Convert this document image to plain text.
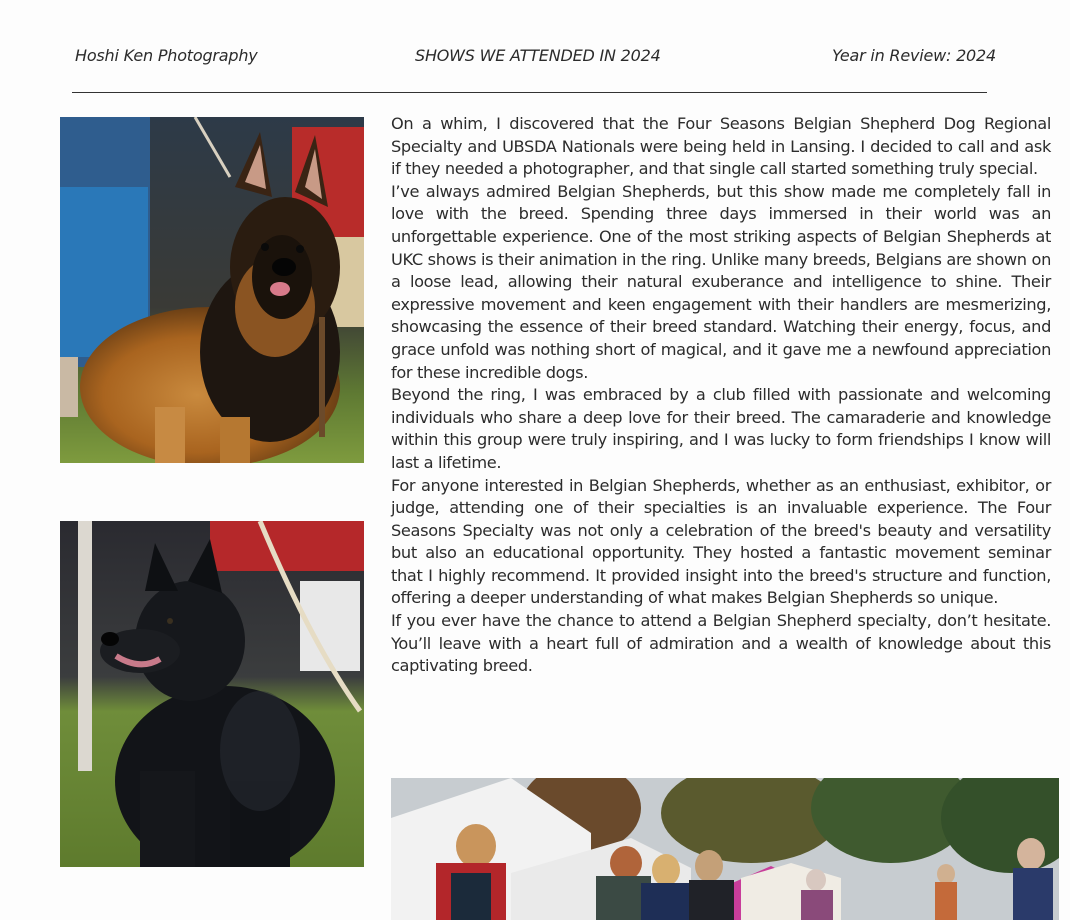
Hoshi Ken Photography	SHOWS WE ATTENDED IN 2024	Year in Review: 2024

On a whim, I discovered that the Four Seasons Belgian Shepherd Dog Regional Specialty and UBSDA Nationals were being held in Lansing. I decided to call and ask if they needed a photographer, and that single call started something truly special.

I’ve always admired Belgian Shepherds, but this show made me completely fall in love with the breed. Spending three days immersed in their world was an unforgettable experience. One of the most striking aspects of Belgian Shepherds at UKC shows is their animation in the ring. Unlike many breeds, Belgians are shown on a loose lead, allowing their natural exuberance and intelligence to shine. Their expressive movement and keen engagement with their handlers are mesmerizing, showcasing the essence of their breed standard. Watching their energy, focus, and grace unfold was nothing short of magical, and it gave me a newfound appreciation for these incredible dogs.

Beyond the ring, I was embraced by a club filled with passionate and welcoming individuals who share a deep love for their breed. The camaraderie and knowledge within this group were truly inspiring, and I was lucky to form friendships I know will last a lifetime.

For anyone interested in Belgian Shepherds, whether as an enthusiast, exhibitor, or judge, attending one of their specialties is an invaluable experience. The Four Seasons Specialty was not only a celebration of the breed's beauty and versatility but also an educational opportunity. They hosted a fantastic movement seminar that I highly recommend. It provided insight into the breed's structure and function, offering a deeper understanding of what makes Belgian Shepherds so unique.

If you ever have the chance to attend a Belgian Shepherd specialty, don’t hesitate. You’ll leave with a heart full of admiration and a wealth of knowledge about this captivating breed.
